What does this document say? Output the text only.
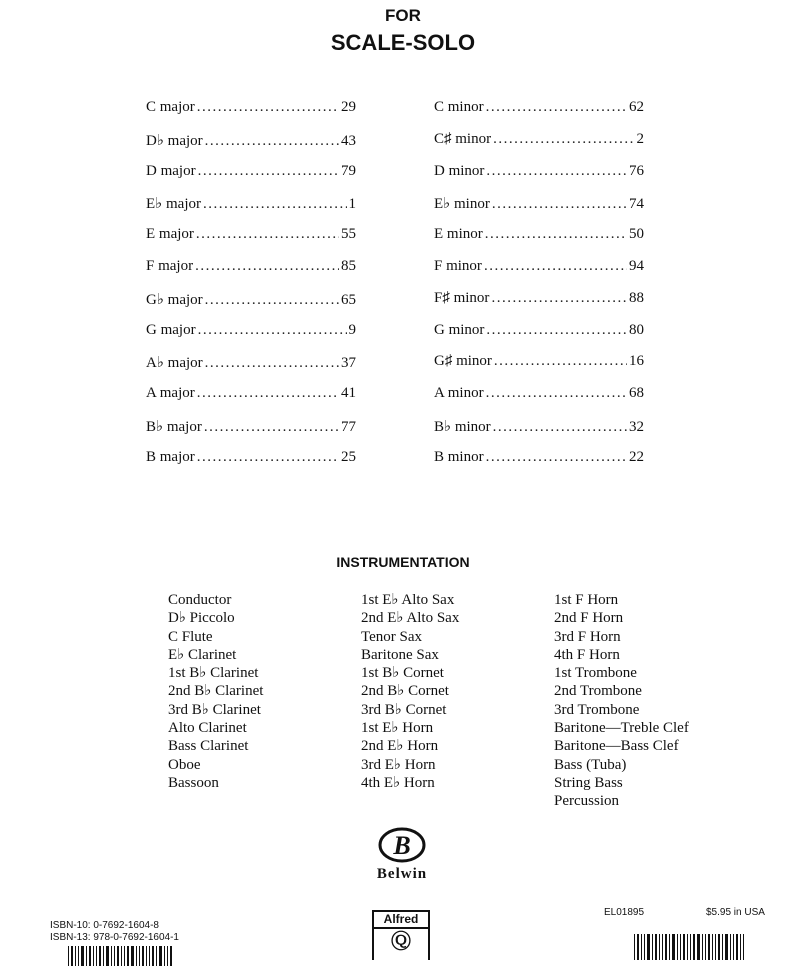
FOR
SCALE-SOLO
C major .....	29
D♭ major .....	43
D major .....	79
E♭ major .....	1
E major .....	55
F major .....	85
G♭ major .....	65
G major .....	9
A♭ major .....	37
A major .....	41
B♭ major .....	77
B major .....	25
C minor .....	62
C♯ minor .....	2
D minor .....	76
E♭ minor .....	74
E minor .....	50
F minor .....	94
F♯ minor .....	88
G minor .....	80
G♯ minor .....	16
A minor .....	68
B♭ minor .....	32
B minor .....	22
INSTRUMENTATION
Conductor
D♭ Piccolo
C Flute
E♭ Clarinet
1st B♭ Clarinet
2nd B♭ Clarinet
3rd B♭ Clarinet
Alto Clarinet
Bass Clarinet
Oboe
Bassoon
1st E♭ Alto Sax
2nd E♭ Alto Sax
Tenor Sax
Baritone Sax
1st B♭ Cornet
2nd B♭ Cornet
3rd B♭ Cornet
1st E♭ Horn
2nd E♭ Horn
3rd E♭ Horn
4th E♭ Horn
1st F Horn
2nd F Horn
3rd F Horn
4th F Horn
1st Trombone
2nd Trombone
3rd Trombone
Baritone—Treble Clef
Baritone—Bass Clef
Bass (Tuba)
String Bass
Percussion
B
Belwin
ISBN-10: 0-7692-1604-8
ISBN-13: 978-0-7692-1604-1
Alfred
Ⓠ
EL01895	$5.95 in USA
